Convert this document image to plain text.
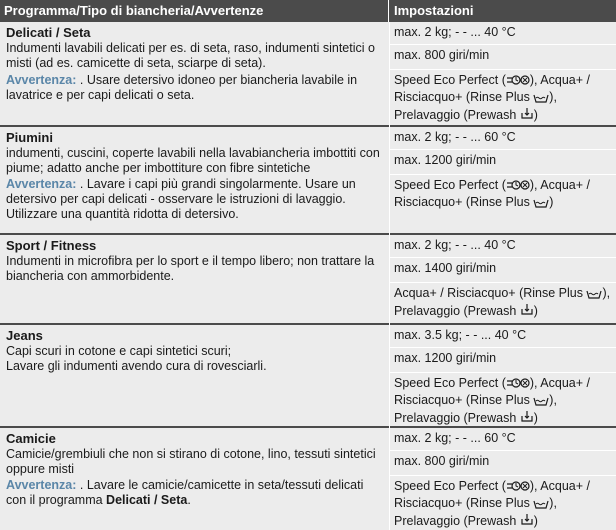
Programma/Tipo di biancheria/Avvertenze	Impostazioni
Delicati / Seta
Indumenti lavabili delicati per es. di seta, raso, indumenti sintetici o misti (ad es. camicette di seta, sciarpe di seta).
Avvertenza: . Usare detersivo idoneo per biancheria lavabile in lavatrice e per capi delicati o seta.
max. 2 kg; - - ... 40 °C
max. 800 giri/min
Speed Eco Perfect ( ), Acqua+ / Risciacquo+ (Rinse Plus ), Prelavaggio (Prewash )
Piumini
indumenti, cuscini, coperte lavabili nella lavabiancheria imbottiti con piume; adatto anche per imbottiture con fibre sintetiche
Avvertenza: . Lavare i capi più grandi singolarmente. Usare un detersivo per capi delicati - osservare le istruzioni di lavaggio. Utilizzare una quantità ridotta di detersivo.
max. 2 kg; - - ... 60 °C
max. 1200 giri/min
Speed Eco Perfect ( ), Acqua+ / Risciacquo+ (Rinse Plus )
Sport / Fitness
Indumenti in microfibra per lo sport e il tempo libero; non trattare la biancheria con ammorbidente.
max. 2 kg; - - ... 40 °C
max. 1400 giri/min
Acqua+ / Risciacquo+ (Rinse Plus ), Prelavaggio (Prewash )
Jeans
Capi scuri in cotone e capi sintetici scuri;
Lavare gli indumenti avendo cura di rovesciarli.
max. 3.5 kg; - - ... 40 °C
max. 1200 giri/min
Speed Eco Perfect ( ), Acqua+ / Risciacquo+ (Rinse Plus ), Prelavaggio (Prewash )
Camicie
Camicie/grembiuli che non si stirano di cotone, lino, tessuti sintetici oppure misti
Avvertenza: . Lavare le camicie/camicette in seta/tessuti delicati con il programma Delicati / Seta.
max. 2 kg; - - ... 60 °C
max. 800 giri/min
Speed Eco Perfect ( ), Acqua+ / Risciacquo+ (Rinse Plus ), Prelavaggio (Prewash )
